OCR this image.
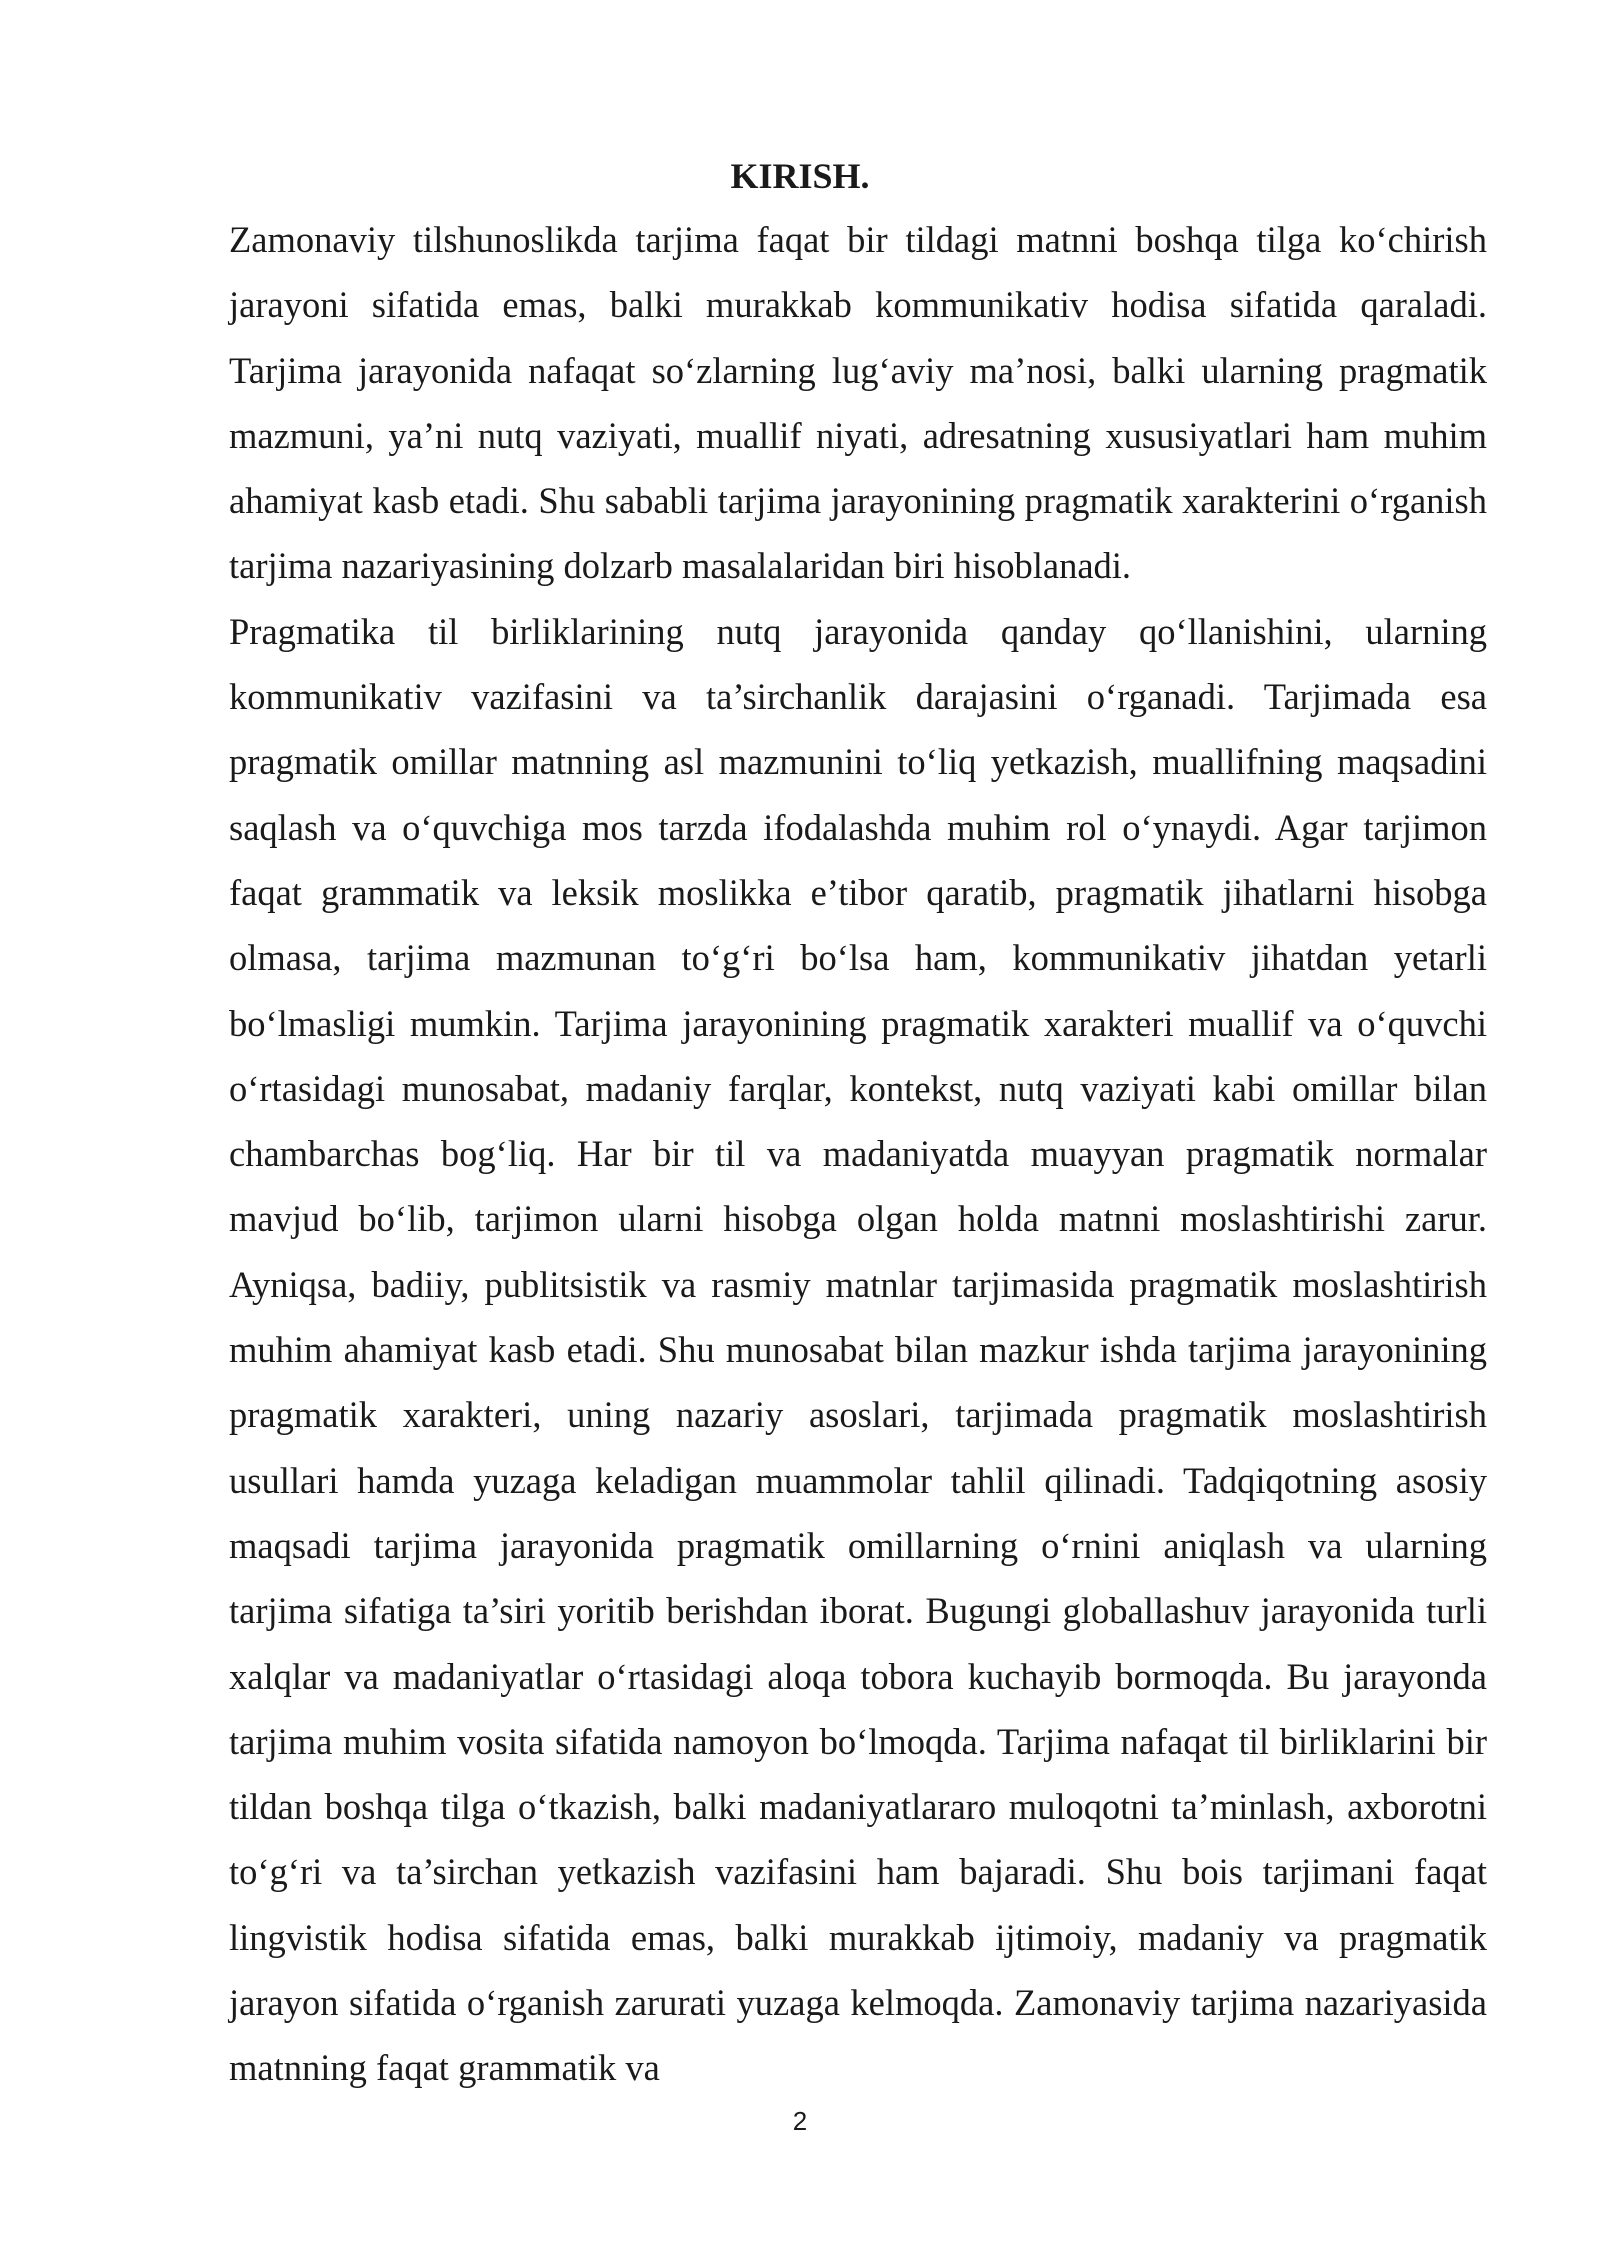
KIRISH.

Zamonaviy tilshunoslikda tarjima faqat bir tildagi matnni boshqa tilga ko‘chirish jarayoni sifatida emas, balki murakkab kommunikativ hodisa sifatida qaraladi. Tarjima jarayonida nafaqat so‘zlarning lug‘aviy ma’nosi, balki ularning pragmatik mazmuni, ya’ni nutq vaziyati, muallif niyati, adresatning xususiyatlari ham muhim ahamiyat kasb etadi. Shu sababli tarjima jarayonining pragmatik xarakterini o‘rganish tarjima nazariyasining dolzarb masalalaridan biri hisoblanadi.

Pragmatika til birliklarining nutq jarayonida qanday qo‘llanishini, ularning kommunikativ vazifasini va ta’sirchanlik darajasini o‘rganadi. Tarjimada esa pragmatik omillar matnning asl mazmunini to‘liq yetkazish, muallifning maqsadini saqlash va o‘quvchiga mos tarzda ifodalashda muhim rol o‘ynaydi. Agar tarjimon faqat grammatik va leksik moslikka e’tibor qaratib, pragmatik jihatlarni hisobga olmasa, tarjima mazmunan to‘g‘ri bo‘lsa ham, kommunikativ jihatdan yetarli bo‘lmasligi mumkin. Tarjima jarayonining pragmatik xarakteri muallif va o‘quvchi o‘rtasidagi munosabat, madaniy farqlar, kontekst, nutq vaziyati kabi omillar bilan chambarchas bog‘liq. Har bir til va madaniyatda muayyan pragmatik normalar mavjud bo‘lib, tarjimon ularni hisobga olgan holda matnni moslashtirishi zarur. Ayniqsa, badiiy, publitsistik va rasmiy matnlar tarjimasida pragmatik moslashtirish muhim ahamiyat kasb etadi. Shu munosabat bilan mazkur ishda tarjima jarayonining pragmatik xarakteri, uning nazariy asoslari, tarjimada pragmatik moslashtirish usullari hamda yuzaga keladigan muammolar tahlil qilinadi. Tadqiqotning asosiy maqsadi tarjima jarayonida pragmatik omillarning o‘rnini aniqlash va ularning tarjima sifatiga ta’siri yoritib berishdan iborat. Bugungi globallashuv jarayonida turli xalqlar va madaniyatlar o‘rtasidagi aloqa tobora kuchayib bormoqda. Bu jarayonda tarjima muhim vosita sifatida namoyon bo‘lmoqda. Tarjima nafaqat til birliklarini bir tildan boshqa tilga o‘tkazish, balki madaniyatlararo muloqotni ta’minlash, axborotni to‘g‘ri va ta’sirchan yetkazish vazifasini ham bajaradi. Shu bois tarjimani faqat lingvistik hodisa sifatida emas, balki murakkab ijtimoiy, madaniy va pragmatik jarayon sifatida o‘rganish zarurati yuzaga kelmoqda. Zamonaviy tarjima nazariyasida matnning faqat grammatik va

2
